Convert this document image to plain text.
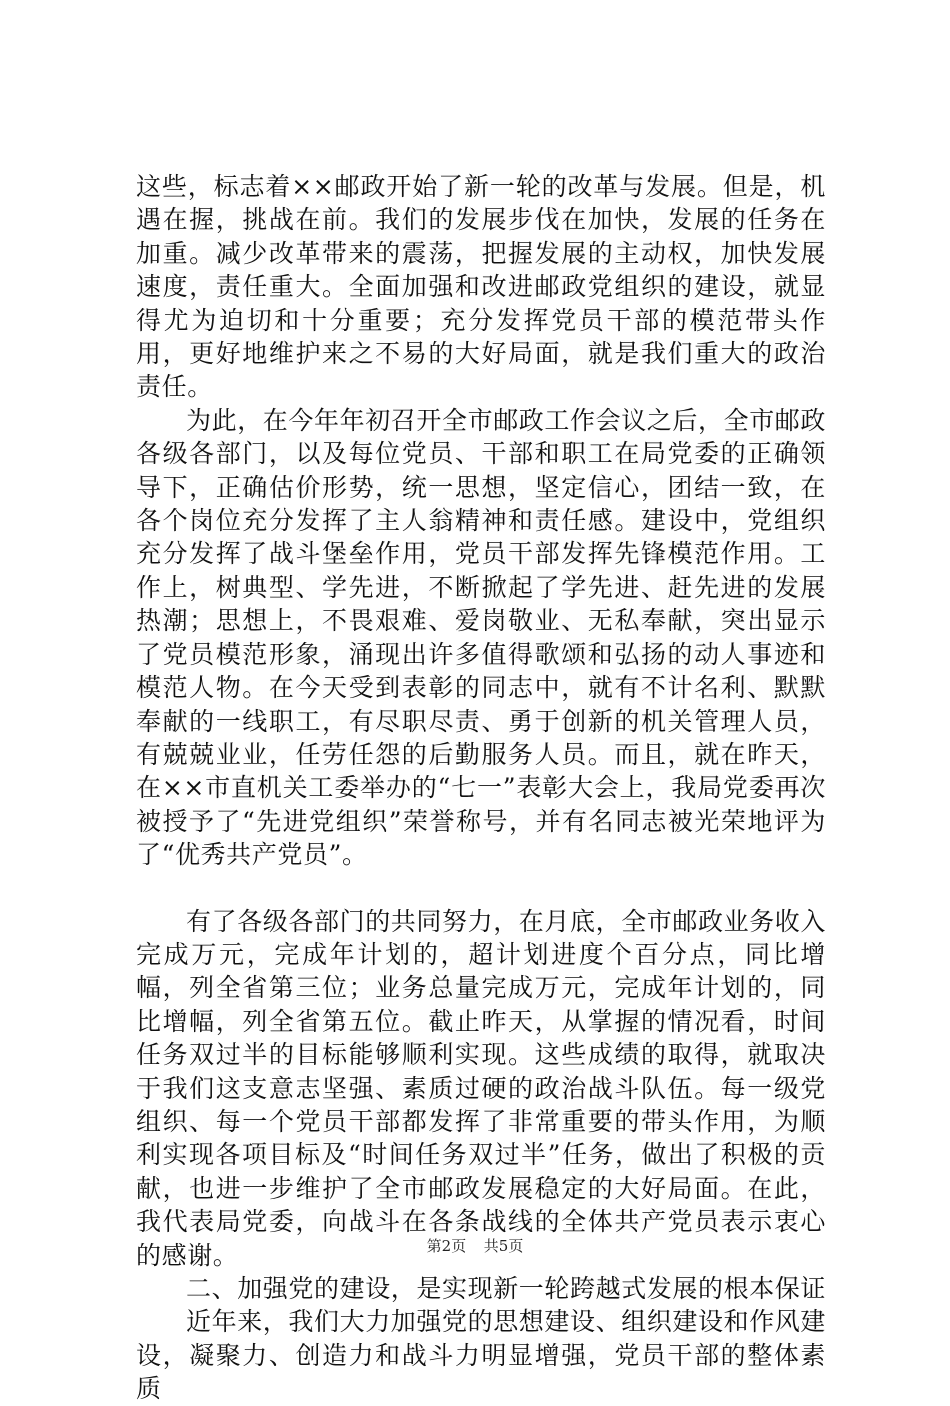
这些，标志着××邮政开始了新一轮的改革与发展。但是，机遇在握，挑战在前。我们的发展步伐在加快，发展的任务在加重。减少改革带来的震荡，把握发展的主动权，加快发展速度，责任重大。全面加强和改进邮政党组织的建设，就显得尤为迫切和十分重要；充分发挥党员干部的模范带头作用，更好地维护来之不易的大好局面，就是我们重大的政治责任。

为此，在今年年初召开全市邮政工作会议之后，全市邮政各级各部门，以及每位党员、干部和职工在局党委的正确领导下，正确估价形势，统一思想，坚定信心，团结一致，在各个岗位充分发挥了主人翁精神和责任感。建设中，党组织充分发挥了战斗堡垒作用，党员干部发挥先锋模范作用。工作上，树典型、学先进，不断掀起了学先进、赶先进的发展热潮；思想上，不畏艰难、爱岗敬业、无私奉献，突出显示了党员模范形象，涌现出许多值得歌颂和弘扬的动人事迹和模范人物。在今天受到表彰的同志中，就有不计名利、默默奉献的一线职工，有尽职尽责、勇于创新的机关管理人员，有兢兢业业，任劳任怨的后勤服务人员。而且，就在昨天，在××市直机关工委举办的“七一”表彰大会上，我局党委再次被授予了“先进党组织”荣誉称号，并有名同志被光荣地评为了“优秀共产党员”。

有了各级各部门的共同努力，在月底，全市邮政业务收入完成万元，完成年计划的，超计划进度个百分点，同比增幅，列全省第三位；业务总量完成万元，完成年计划的，同比增幅，列全省第五位。截止昨天，从掌握的情况看，时间任务双过半的目标能够顺利实现。这些成绩的取得，就取决于我们这支意志坚强、素质过硬的政治战斗队伍。每一级党组织、每一个党员干部都发挥了非常重要的带头作用，为顺利实现各项目标及“时间任务双过半”任务，做出了积极的贡献，也进一步维护了全市邮政发展稳定的大好局面。在此，我代表局党委，向战斗在各条战线的全体共产党员表示衷心的感谢。

二、加强党的建设，是实现新一轮跨越式发展的根本保证

近年来，我们大力加强党的思想建设、组织建设和作风建设，凝聚力、创造力和战斗力明显增强，党员干部的整体素质

第2页 共5页
